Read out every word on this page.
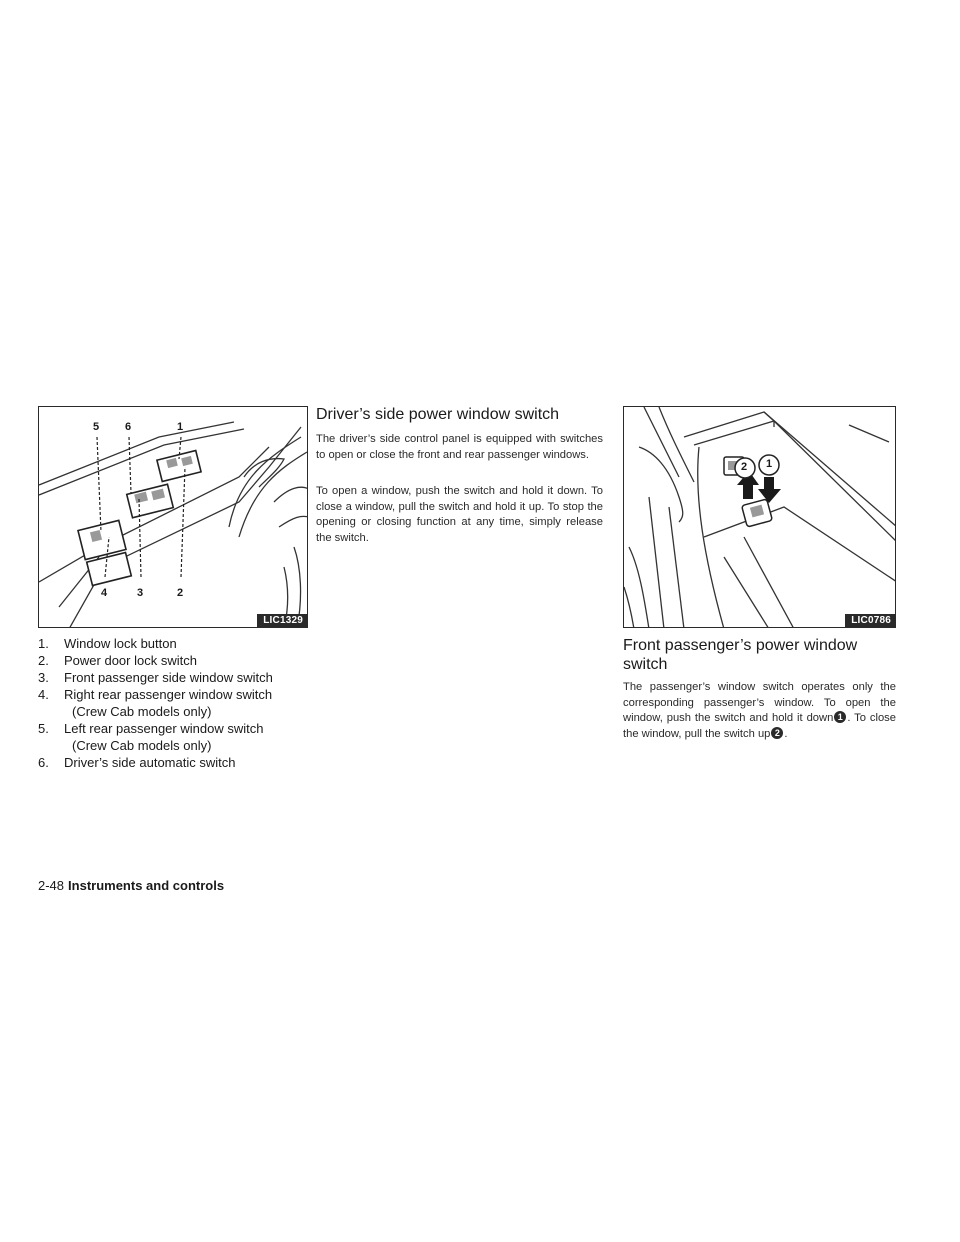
5 6	1
4	3	2
LIC1329
1. Window lock button
2. Power door lock switch
3. Front passenger side window switch
4. Right rear passenger window switch
(Crew Cab models only)
5. Left rear passenger window switch
(Crew Cab models only)
6. Driver’s side automatic switch
Driver’s side power window switch

The driver’s side control panel is equipped with switches to open or close the front and rear passenger windows.

To open a window, push the switch and hold it down. To close a window, pull the switch and hold it up. To stop the opening or closing function at any time, simply release the switch.

2 1
LIC0786
Front passenger’s power window switch

The passenger’s window switch operates only the corresponding passenger’s window. To open the window, push the switch and hold it down 1 . To close the window, pull the switch up 2 .

2-48 Instruments and controls
